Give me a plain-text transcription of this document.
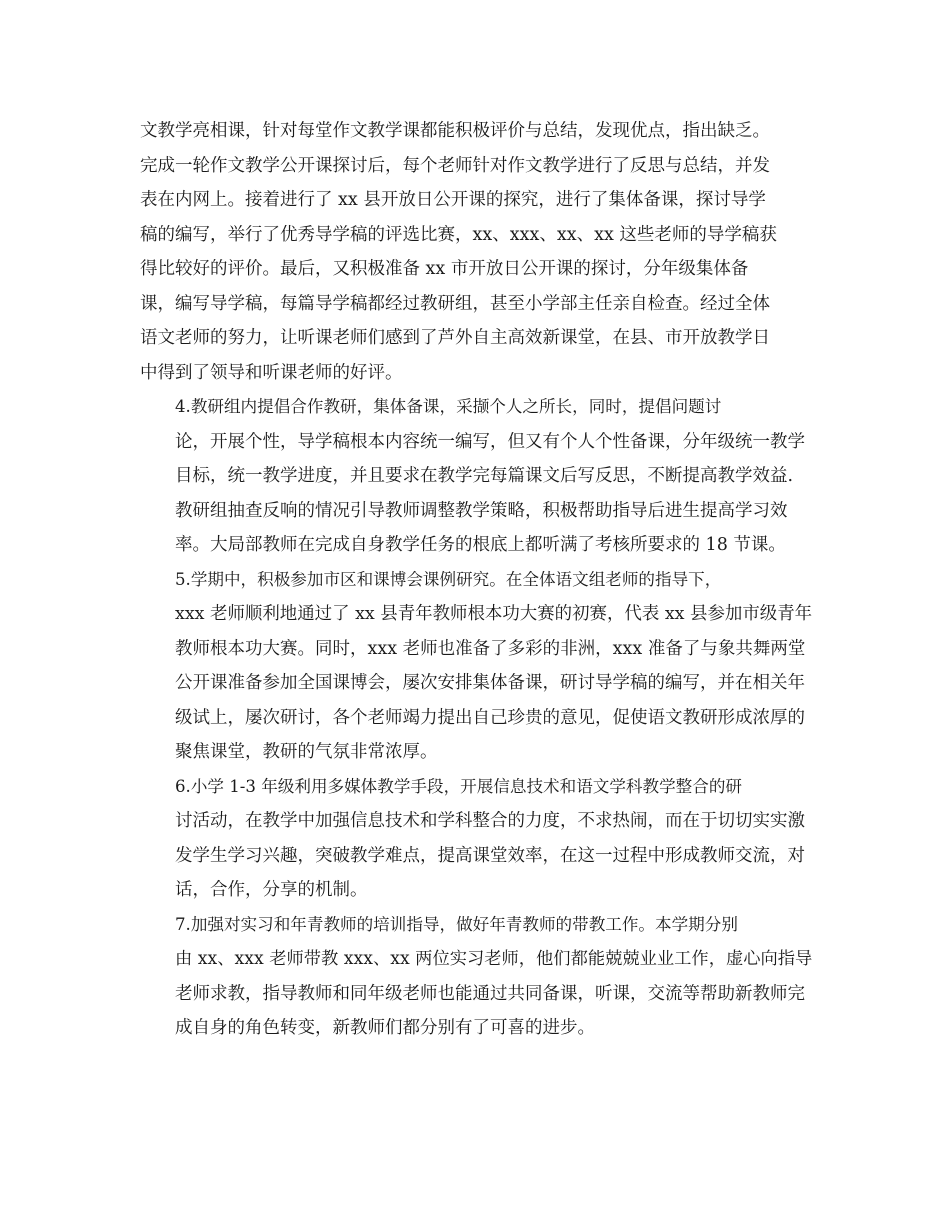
文教学亮相课，针对每堂作文教学课都能积极评价与总结，发现优点，指出缺乏。
完成一轮作文教学公开课探讨后，每个老师针对作文教学进行了反思与总结，并发
表在内网上。接着进行了 xx 县开放日公开课的探究，进行了集体备课，探讨导学
稿的编写，举行了优秀导学稿的评选比赛，xx、xxx、xx、xx 这些老师的导学稿获
得比较好的评价。最后，又积极准备 xx 市开放日公开课的探讨，分年级集体备
课，编写导学稿，每篇导学稿都经过教研组，甚至小学部主任亲自检查。经过全体
语文老师的努力，让听课老师们感到了芦外自主高效新课堂，在县、市开放教学日
中得到了领导和听课老师的好评。

4.教研组内提倡合作教研，集体备课，采撷个人之所长，同时，提倡问题讨
论，开展个性，导学稿根本内容统一编写，但又有个人个性备课，分年级统一教学
目标，统一教学进度，并且要求在教学完每篇课文后写反思，不断提高教学效益.
教研组抽查反响的情况引导教师调整教学策略，积极帮助指导后进生提高学习效
率。大局部教师在完成自身教学任务的根底上都听满了考核所要求的 18 节课。

5.学期中，积极参加市区和课博会课例研究。在全体语文组老师的指导下，
xxx 老师顺利地通过了 xx 县青年教师根本功大赛的初赛，代表 xx 县参加市级青年
教师根本功大赛。同时，xxx 老师也准备了多彩的非洲，xxx 准备了与象共舞两堂
公开课准备参加全国课博会，屡次安排集体备课，研讨导学稿的编写，并在相关年
级试上，屡次研讨，各个老师竭力提出自己珍贵的意见，促使语文教研形成浓厚的
聚焦课堂，教研的气氛非常浓厚。

6.小学 1-3 年级利用多媒体教学手段，开展信息技术和语文学科教学整合的研
讨活动，在教学中加强信息技术和学科整合的力度，不求热闹，而在于切切实实激
发学生学习兴趣，突破教学难点，提高课堂效率，在这一过程中形成教师交流，对
话，合作，分享的机制。

7.加强对实习和年青教师的培训指导，做好年青教师的带教工作。本学期分别
由 xx、xxx 老师带教 xxx、xx 两位实习老师，他们都能兢兢业业工作，虚心向指导
老师求教，指导教师和同年级老师也能通过共同备课，听课，交流等帮助新教师完
成自身的角色转变，新教师们都分别有了可喜的进步。
